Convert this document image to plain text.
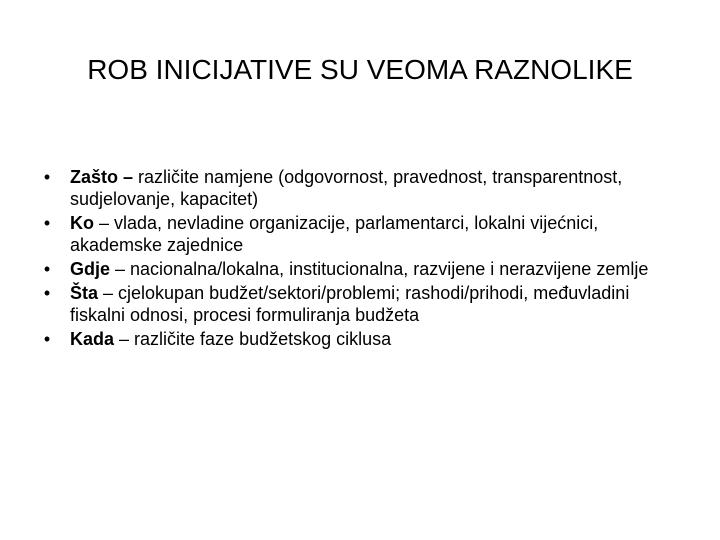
ROB INICIJATIVE SU VEOMA RAZNOLIKE
• Zašto – različite namjene (odgovornost, pravednost, transparentnost, sudjelovanje, kapacitet)
• Ko – vlada, nevladine organizacije, parlamentarci, lokalni vijećnici, akademske zajednice
• Gdje – nacionalna/lokalna, institucionalna, razvijene i nerazvijene zemlje
• Šta – cjelokupan budžet/sektori/problemi; rashodi/prihodi, međuvladini fiskalni odnosi, procesi formuliranja budžeta
• Kada – različite faze budžetskog ciklusa
